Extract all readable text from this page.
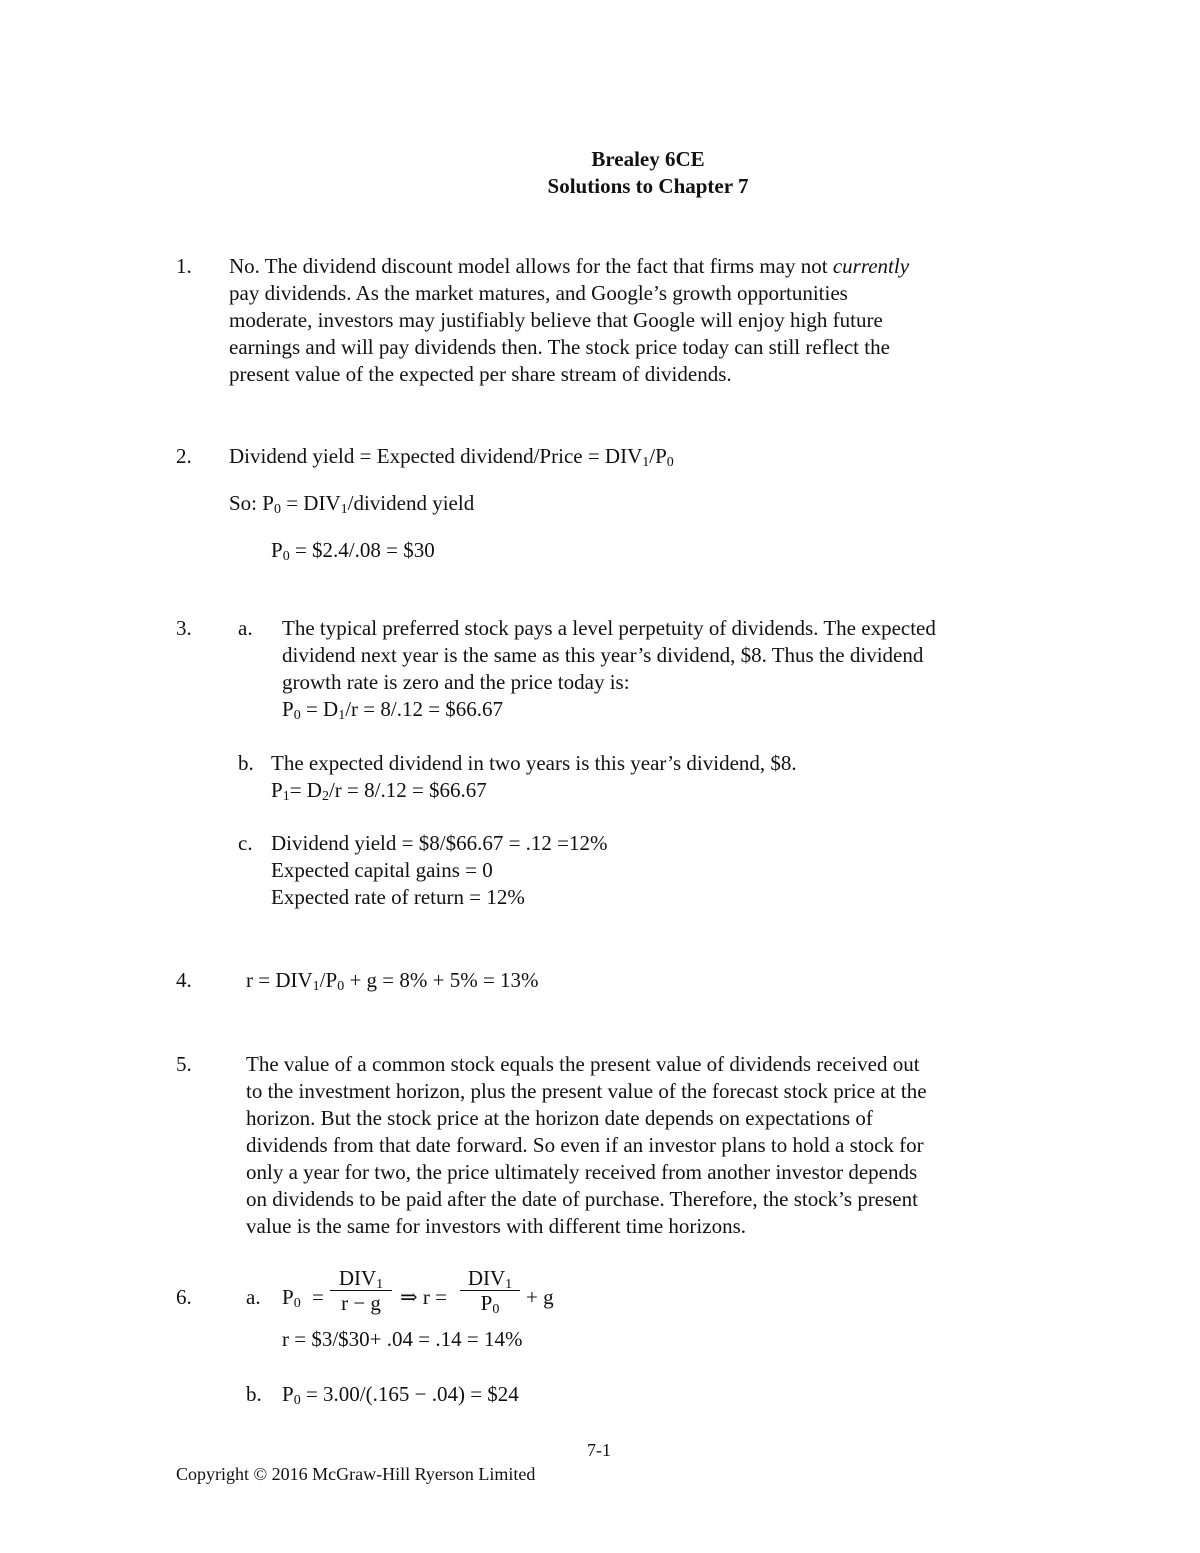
Brealey 6CE
Solutions to Chapter 7
1. No. The dividend discount model allows for the fact that firms may not currently
pay dividends. As the market matures, and Google’s growth opportunities
moderate, investors may justifiably believe that Google will enjoy high future
earnings and will pay dividends then. The stock price today can still reflect the
present value of the expected per share stream of dividends.
2. Dividend yield = Expected dividend/Price = $DIV_1/P_0$
So: $P_0$ = $DIV_1$/dividend yield
$P_0$ = $2.4/.08 = $30
3. a. The typical preferred stock pays a level perpetuity of dividends. The expected
dividend next year is the same as this year’s dividend, $8. Thus the dividend
growth rate is zero and the price today is:
$P_0 = D_1/r = 8/.12$ = $66.67
b. The expected dividend in two years is this year’s dividend, $8.
$P_1= D_2/r = 8/.12$ = $66.67
c. Dividend yield = $8/$66.67 = .12 =12%
Expected capital gains = 0
Expected rate of return = 12%
4.	$r = DIV_1/P_0 + g = 8\% + 5\% = 13\%$
5.	The value of a common stock equals the present value of dividends received out
to the investment horizon, plus the present value of the forecast stock price at the
horizon. But the stock price at the horizon date depends on expectations of
dividends from that date forward. So even if an investor plans to hold a stock for
only a year for two, the price ultimately received from another investor depends
on dividends to be paid after the date of purchase. Therefore, the stock’s present
value is the same for investors with different time horizons.
6.	a. $P_0$ =
$DIV_1$
r − g ⇒ r =
$DIV_1$
$P_0$
+ g
r = $3/$30+ .04 = .14 = 14%
b. $P_0 = 3.00/(.165 - .04)$ = $24
7-1
Copyright © 2016 McGraw-Hill Ryerson Limited
